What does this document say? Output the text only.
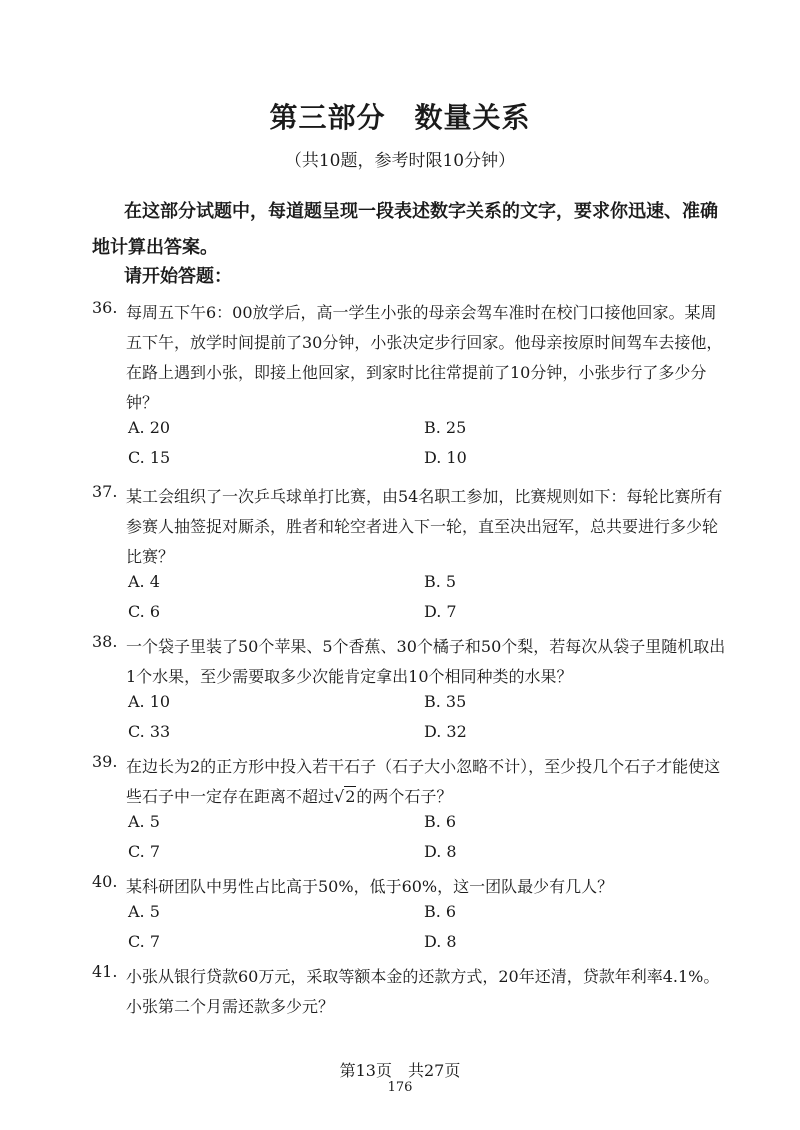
第三部分　数量关系
（共10题，参考时限10分钟）
在这部分试题中，每道题呈现一段表述数字关系的文字，要求你迅速、准确地计算出答案。
请开始答题：
36. 每周五下午6：00放学后，高一学生小张的母亲会驾车准时在校门口接他回家。某周五下午，放学时间提前了30分钟，小张决定步行回家。他母亲按原时间驾车去接他，在路上遇到小张，即接上他回家，到家时比往常提前了10分钟，小张步行了多少分钟？
A. 20	B. 25
C. 15	D. 10
37. 某工会组织了一次乒乓球单打比赛，由54名职工参加，比赛规则如下：每轮比赛所有参赛人抽签捉对厮杀，胜者和轮空者进入下一轮，直至决出冠军，总共要进行多少轮比赛？
A. 4	B. 5
C. 6	D. 7
38. 一个袋子里装了50个苹果、5个香蕉、30个橘子和50个梨，若每次从袋子里随机取出1个水果，至少需要取多少次能肯定拿出10个相同种类的水果？
A. 10	B. 35
C. 33	D. 32
39. 在边长为2的正方形中投入若干石子（石子大小忽略不计），至少投几个石子才能使这些石子中一定存在距离不超过√2的两个石子？
A. 5	B. 6
C. 7	D. 8
40. 某科研团队中男性占比高于50%，低于60%，这一团队最少有几人？
A. 5	B. 6
C. 7	D. 8
41. 小张从银行贷款60万元，采取等额本金的还款方式，20年还清，贷款年利率4.1%。小张第二个月需还款多少元？
第13页　共27页
176
